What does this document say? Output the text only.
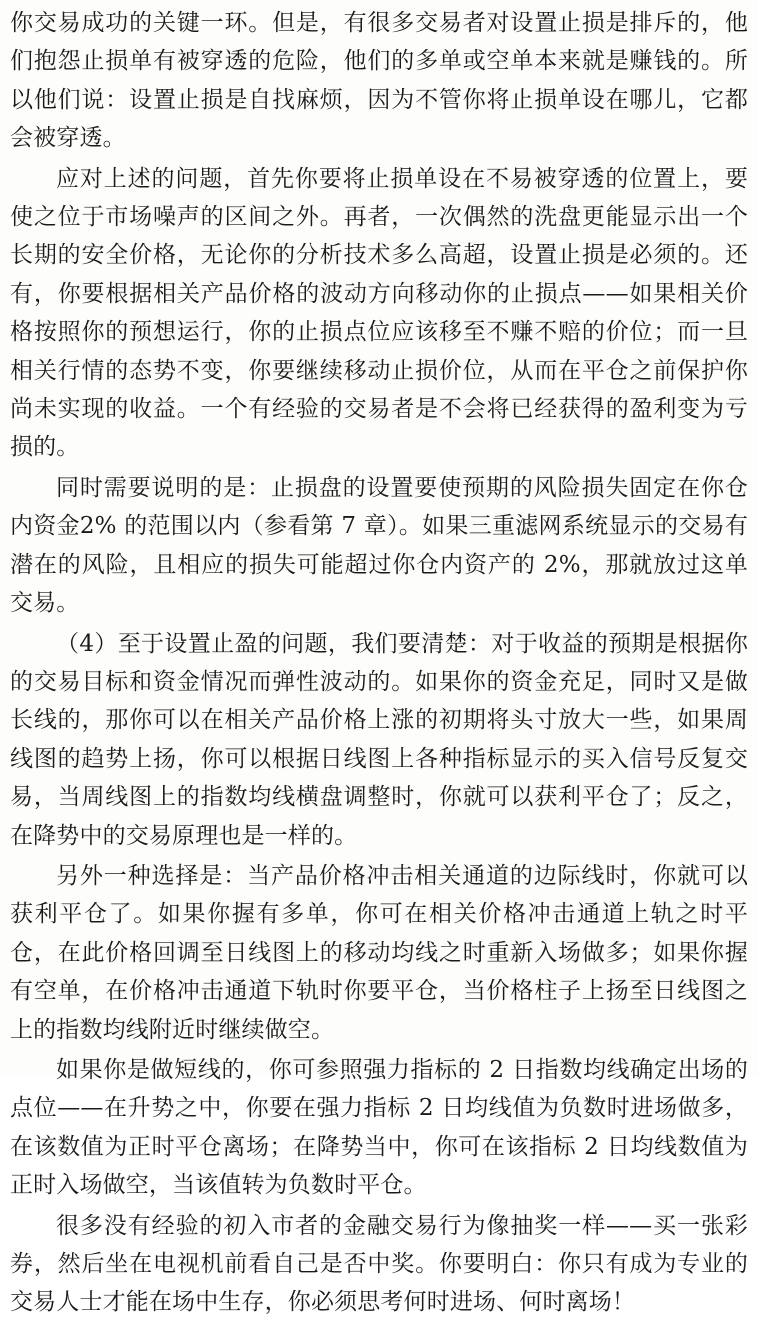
你交易成功的关键一环。但是，有很多交易者对设置止损是排斥的，他们抱怨止损单有被穿透的危险，他们的多单或空单本来就是赚钱的。所以他们说：设置止损是自找麻烦，因为不管你将止损单设在哪儿，它都会被穿透。

应对上述的问题，首先你要将止损单设在不易被穿透的位置上，要使之位于市场噪声的区间之外。再者，一次偶然的洗盘更能显示出一个长期的安全价格，无论你的分析技术多么高超，设置止损是必须的。还有，你要根据相关产品价格的波动方向移动你的止损点——如果相关价格按照你的预想运行，你的止损点位应该移至不赚不赔的价位；而一旦相关行情的态势不变，你要继续移动止损价位，从而在平仓之前保护你尚未实现的收益。一个有经验的交易者是不会将已经获得的盈利变为亏损的。

同时需要说明的是：止损盘的设置要使预期的风险损失固定在你仓内资金2% 的范围以内（参看第 7 章）。如果三重滤网系统显示的交易有潜在的风险，且相应的损失可能超过你仓内资产的 2%，那就放过这单交易。

（4）至于设置止盈的问题，我们要清楚：对于收益的预期是根据你的交易目标和资金情况而弹性波动的。如果你的资金充足，同时又是做长线的，那你可以在相关产品价格上涨的初期将头寸放大一些，如果周线图的趋势上扬，你可以根据日线图上各种指标显示的买入信号反复交易，当周线图上的指数均线横盘调整时，你就可以获利平仓了；反之，在降势中的交易原理也是一样的。

另外一种选择是：当产品价格冲击相关通道的边际线时，你就可以获利平仓了。如果你握有多单，你可在相关价格冲击通道上轨之时平仓，在此价格回调至日线图上的移动均线之时重新入场做多；如果你握有空单，在价格冲击通道下轨时你要平仓，当价格柱子上扬至日线图之上的指数均线附近时继续做空。

如果你是做短线的，你可参照强力指标的 2 日指数均线确定出场的点位——在升势之中，你要在强力指标 2 日均线值为负数时进场做多，在该数值为正时平仓离场；在降势当中，你可在该指标 2 日均线数值为正时入场做空，当该值转为负数时平仓。

很多没有经验的初入市者的金融交易行为像抽奖一样——买一张彩券，然后坐在电视机前看自己是否中奖。你要明白：你只有成为专业的交易人士才能在场中生存，你必须思考何时进场、何时离场！
